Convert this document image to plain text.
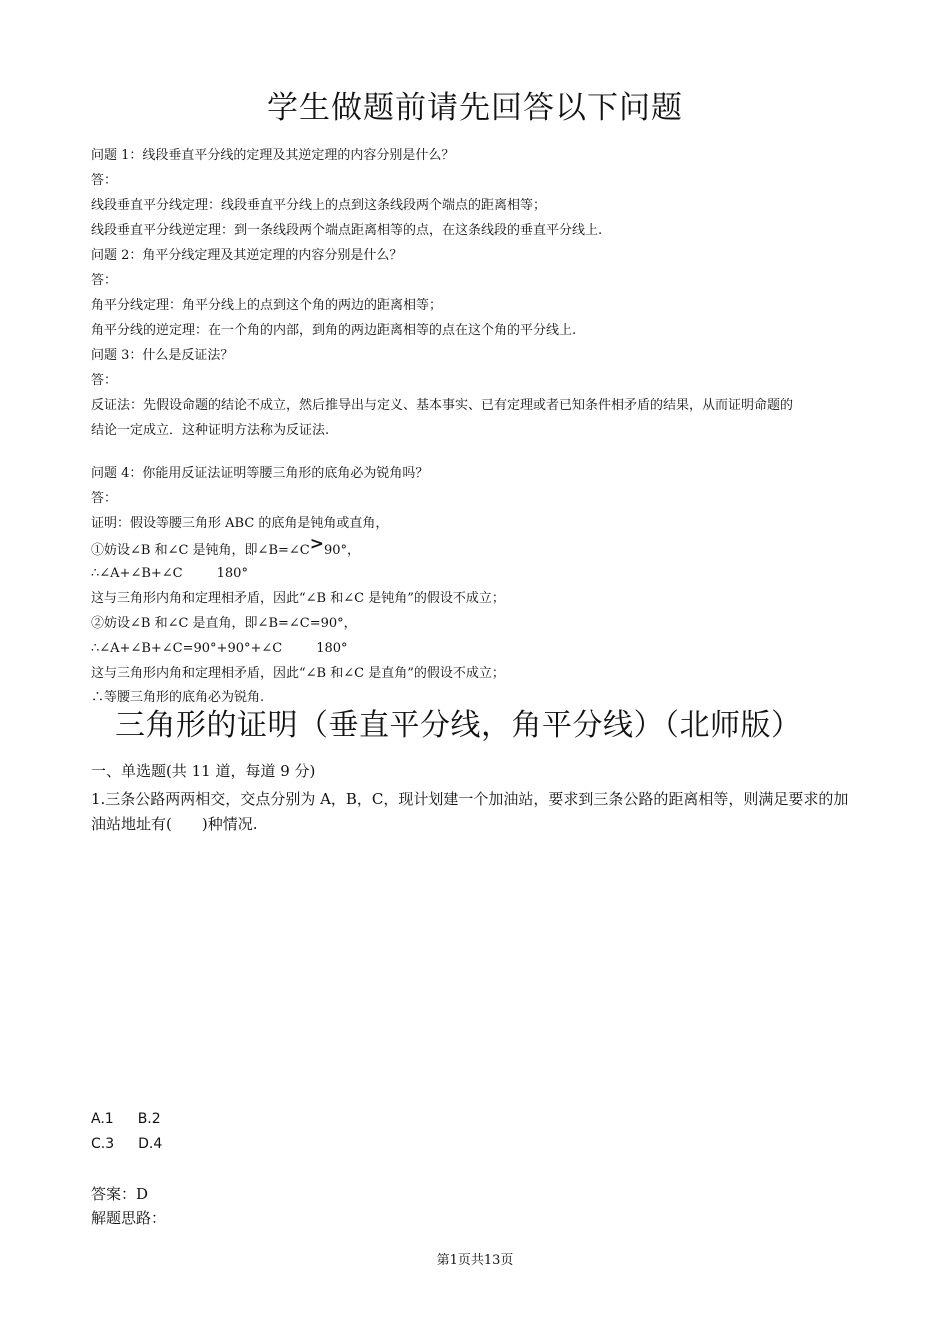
学生做题前请先回答以下问题
问题 1：线段垂直平分线的定理及其逆定理的内容分别是什么？
答：
线段垂直平分线定理：线段垂直平分线上的点到这条线段两个端点的距离相等；
线段垂直平分线逆定理：到一条线段两个端点距离相等的点，在这条线段的垂直平分线上.
问题 2：角平分线定理及其逆定理的内容分别是什么？
答：
角平分线定理：角平分线上的点到这个角的两边的距离相等；
角平分线的逆定理：在一个角的内部，到角的两边距离相等的点在这个角的平分线上.
问题 3：什么是反证法？
答：
反证法：先假设命题的结论不成立，然后推导出与定义、基本事实、已有定理或者已知条件相矛盾的结果，从而证明命题的
结论一定成立．这种证明方法称为反证法.
问题 4：你能用反证法证明等腰三角形的底角必为锐角吗？
答：
证明：假设等腰三角形 ABC 的底角是钝角或直角，
①妨设∠B 和∠C 是钝角，即∠B=∠C>90°，
∴∠A+∠B+∠C	180°
这与三角形内角和定理相矛盾，因此“∠B 和∠C 是钝角”的假设不成立；
②妨设∠B 和∠C 是直角，即∠B=∠C=90°，
∴∠A+∠B+∠C=90°+90°+∠C	180°
这与三角形内角和定理相矛盾，因此“∠B 和∠C 是直角”的假设不成立；
∴等腰三角形的底角必为锐角.
三角形的证明（垂直平分线，角平分线）（北师版）
一、单选题(共 11 道，每道 9 分)
1.三条公路两两相交，交点分别为 A，B，C，现计划建一个加油站，要求到三条公路的距离相等，则满足要求的加油站地址有(　　)种情况.
A.1 B.2
C.3 D.4
答案：D
解题思路：
第1页共13页
